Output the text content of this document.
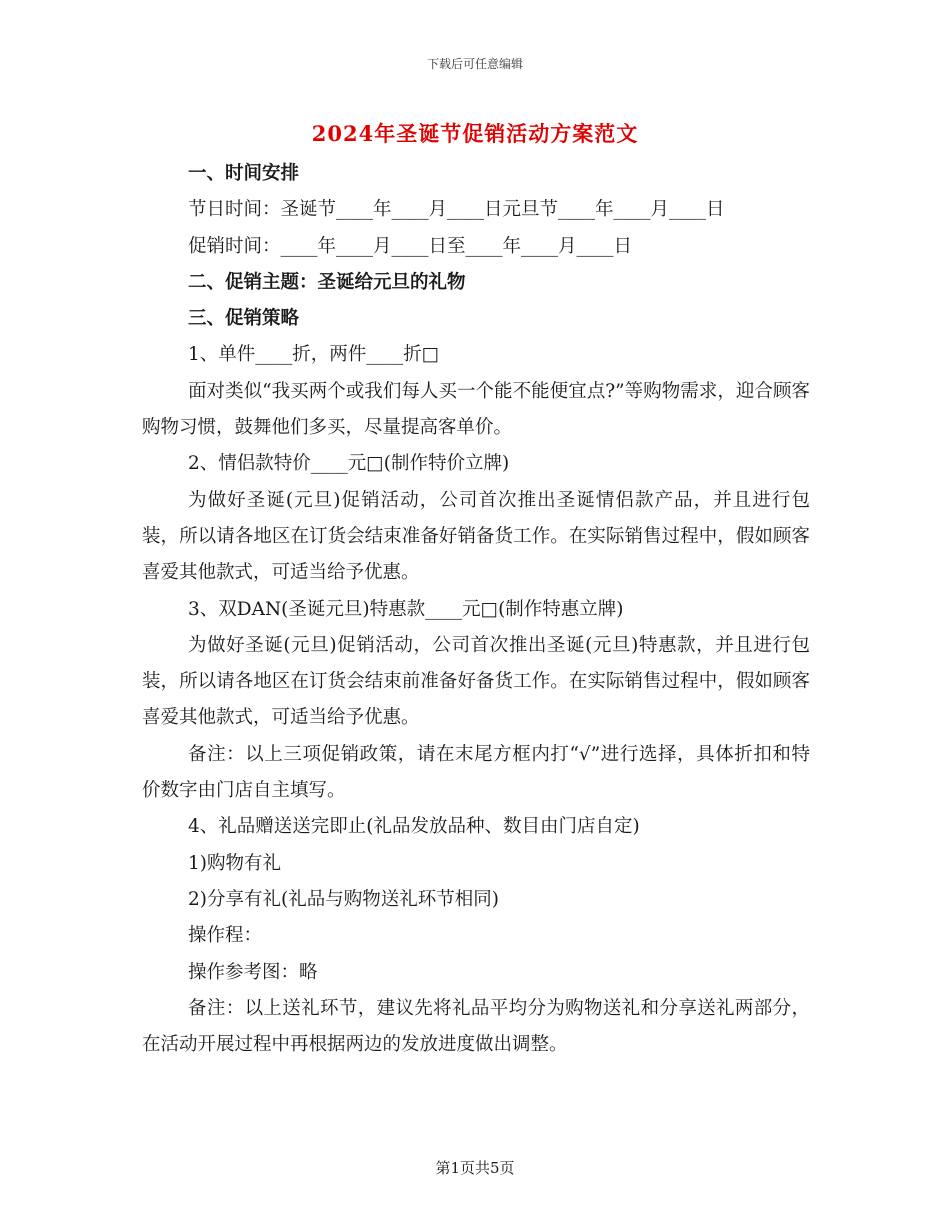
下载后可任意编辑
2024年圣诞节促销活动方案范文

一、时间安排

节日时间：圣诞节____年____月____日元旦节____年____月____日

促销时间：____年____月____日至____年____月____日

二、促销主题：圣诞给元旦的礼物

三、促销策略

1、单件____折，两件____折□

面对类似“我买两个或我们每人买一个能不能便宜点?”等购物需求，迎合顾客购物习惯，鼓舞他们多买，尽量提高客单价。

2、情侣款特价____元□(制作特价立牌)

为做好圣诞(元旦)促销活动，公司首次推出圣诞情侣款产品，并且进行包装，所以请各地区在订货会结束准备好销备货工作。在实际销售过程中，假如顾客喜爱其他款式，可适当给予优惠。

3、双DAN(圣诞元旦)特惠款____元□(制作特惠立牌)

为做好圣诞(元旦)促销活动，公司首次推出圣诞(元旦)特惠款，并且进行包装，所以请各地区在订货会结束前准备好备货工作。在实际销售过程中，假如顾客喜爱其他款式，可适当给予优惠。

备注：以上三项促销政策，请在末尾方框内打“√”进行选择，具体折扣和特价数字由门店自主填写。

4、礼品赠送送完即止(礼品发放品种、数目由门店自定)

1)购物有礼

2)分享有礼(礼品与购物送礼环节相同)

操作程：

操作参考图：略

备注：以上送礼环节，建议先将礼品平均分为购物送礼和分享送礼两部分，在活动开展过程中再根据两边的发放进度做出调整。

第1页共5页
